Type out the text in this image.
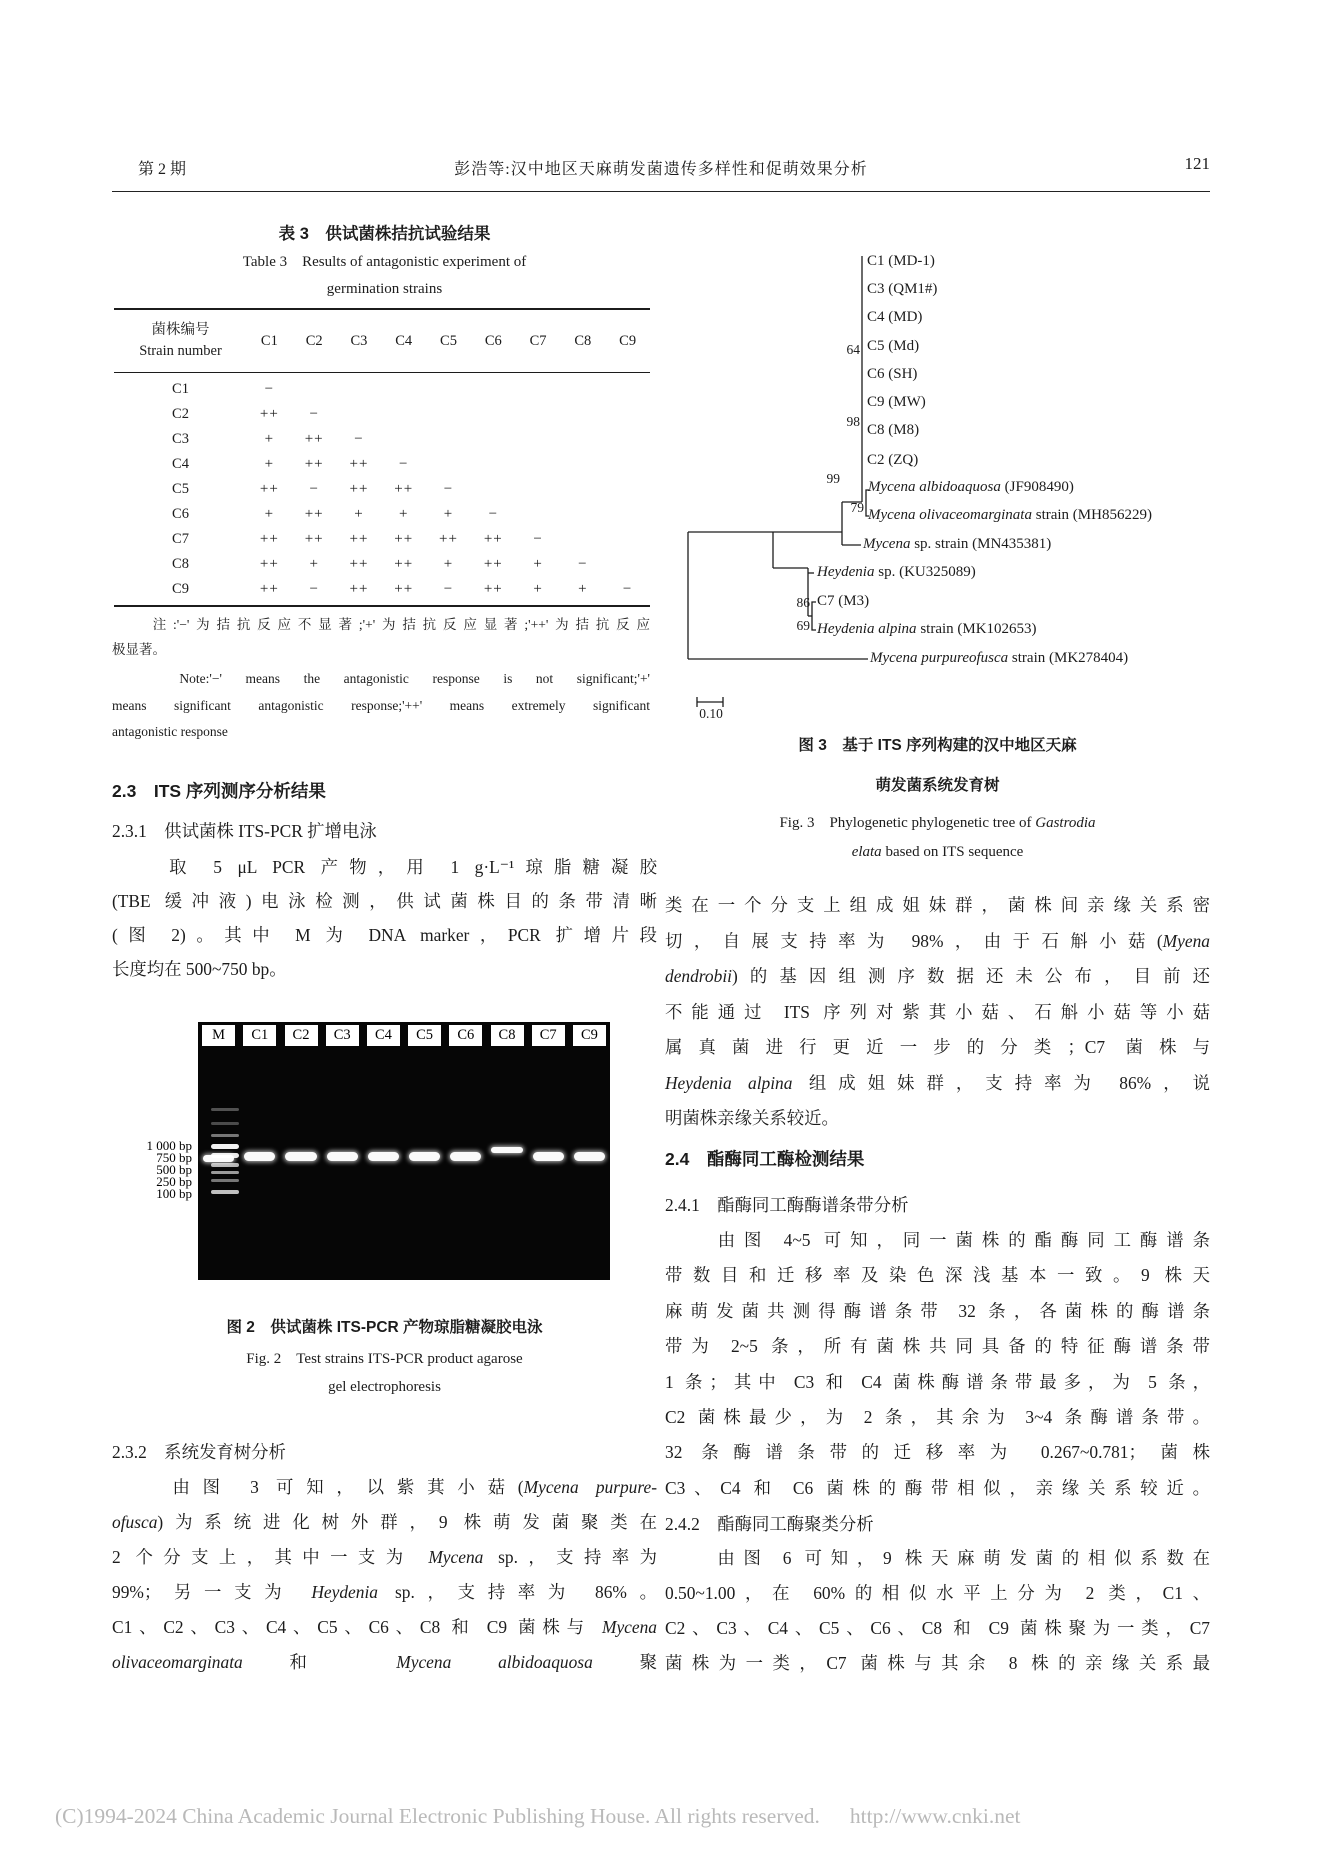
第 2 期	彭浩等:汉中地区天麻萌发菌遗传多样性和促萌效果分析	121
表 3　供试菌株拮抗试验结果
Table 3　Results of antagonistic experiment of
germination strains
菌株编号
Strain number
C1	C2	C3	C4	C5	C6	C7	C8	C9
C1	−
C2	++	−
C3	+	++	−
C4	+	++	++	−
C5	++	−	++	++	−
C6	+	++	+	+	+	−
C7	++	++	++	++	++	++	−
C8	++	+	++	++	+	++	+	−
C9	++	−	++	++	−	++	+	+	−
　　注:'−'为拮抗反应不显著;'+'为拮抗反应显著;'++'为拮抗反应
极显著。
　　Note:'−' means the antagonistic response is not significant;'+'
means significant antagonistic response;'++' means extremely significant
antagonistic response
2.3　ITS 序列测序分析结果
2.3.1　供试菌株 ITS-PCR 扩增电泳
　　取 5 μL PCR 产物，用 1 g·L⁻¹琼脂糖凝胶
(TBE 缓冲液)电泳检测，供试菌株目的条带清晰
(图 2)。其中 M 为 DNA marker，PCR 扩增片段
长度均在 500~750 bp。
1 000 bp
750 bp
500 bp
250 bp
100 bp
M	C1	C2	C3	C4	C5	C6	C8	C7	C9
图 2　供试菌株 ITS-PCR 产物琼脂糖凝胶电泳
Fig. 2　Test strains ITS-PCR product agarose
gel electrophoresis
2.3.2　系统发育树分析
　　由图 3 可知，以紫萁小菇(Mycena purpure-
ofusca)为系统进化树外群，9 株萌发菌聚类在
2 个分支上，其中一支为 Mycena sp.，支持率为
99%；另一支为 Heydenia sp.，支持率为 86%。
C1、C2、C3、C4、C5、C6、C8 和 C9 菌株与 Mycena
olivaceomarginata 和 Mycena albidoaquosa 聚
C1 (MD-1)
C3 (QM1#)
C4 (MD)
C5 (Md)
C6 (SH)
C9 (MW)
C8 (M8)
C2 (ZQ)
Mycena albidoaquosa (JF908490)
Mycena olivaceomarginata strain (MH856229)
Mycena sp. strain (MN435381)
Heydenia sp. (KU325089)
C7 (M3)
Heydenia alpina strain (MK102653)
Mycena purpureofusca strain (MK278404)
64
98
99
79
86
69
0.10
图 3　基于 ITS 序列构建的汉中地区天麻
萌发菌系统发育树
Fig. 3　Phylogenetic phylogenetic tree of Gastrodia
elata based on ITS sequence
类在一个分支上组成姐妹群，菌株间亲缘关系密
切，自展支持率为 98%，由于石斛小菇(Myena
dendrobii)的基因组测序数据还未公布，目前还
不能通过 ITS 序列对紫萁小菇、石斛小菇等小菇
属真菌进行更近一步的分类；C7 菌株与
Heydenia alpina 组成姐妹群，支持率为 86%，说
明菌株亲缘关系较近。
2.4　酯酶同工酶检测结果
2.4.1　酯酶同工酶酶谱条带分析
　　由图 4~5 可知，同一菌株的酯酶同工酶谱条
带数目和迁移率及染色深浅基本一致。9 株天
麻萌发菌共测得酶谱条带 32 条，各菌株的酶谱条
带为 2~5 条，所有菌株共同具备的特征酶谱条带
1 条；其中 C3 和 C4 菌株酶谱条带最多，为 5 条，
C2 菌株最少，为 2 条，其余为 3~4 条酶谱条带。
32 条酶谱条带的迁移率为 0.267~0.781；菌株
C3、C4 和 C6 菌株的酶带相似，亲缘关系较近。
2.4.2　酯酶同工酶聚类分析
　　由图 6 可知，9 株天麻萌发菌的相似系数在
0.50~1.00，在 60%的相似水平上分为 2 类，C1、
C2、C3、C4、C5、C6、C8 和 C9 菌株聚为一类，C7
菌株为一类，C7 菌株与其余 8 株的亲缘关系最
(C)1994-2024 China Academic Journal Electronic Publishing House. All rights reserved. http://www.cnki.net
